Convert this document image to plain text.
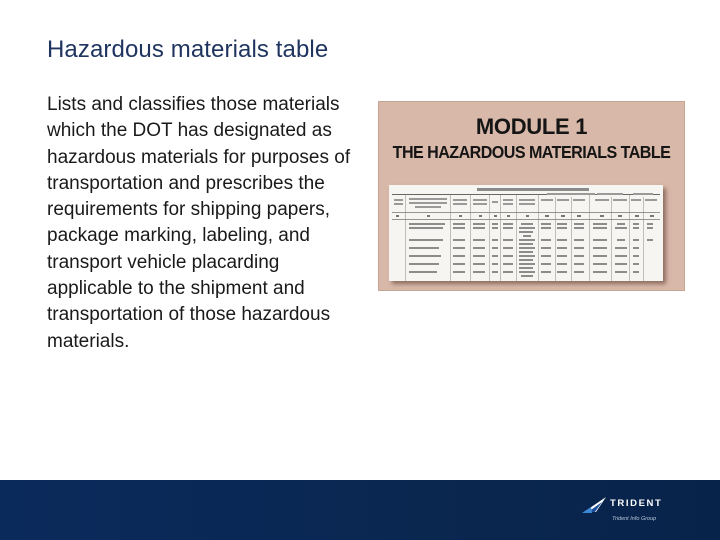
Hazardous materials table
Lists and classifies those materials which the DOT has designated as hazardous materials for purposes of transportation and prescribes the requirements for shipping papers, package marking, labeling, and transport vehicle placarding applicable to the shipment and transportation of those hazardous materials.
MODULE 1
THE HAZARDOUS MATERIALS TABLE
TRIDENT
Trident Info Group
